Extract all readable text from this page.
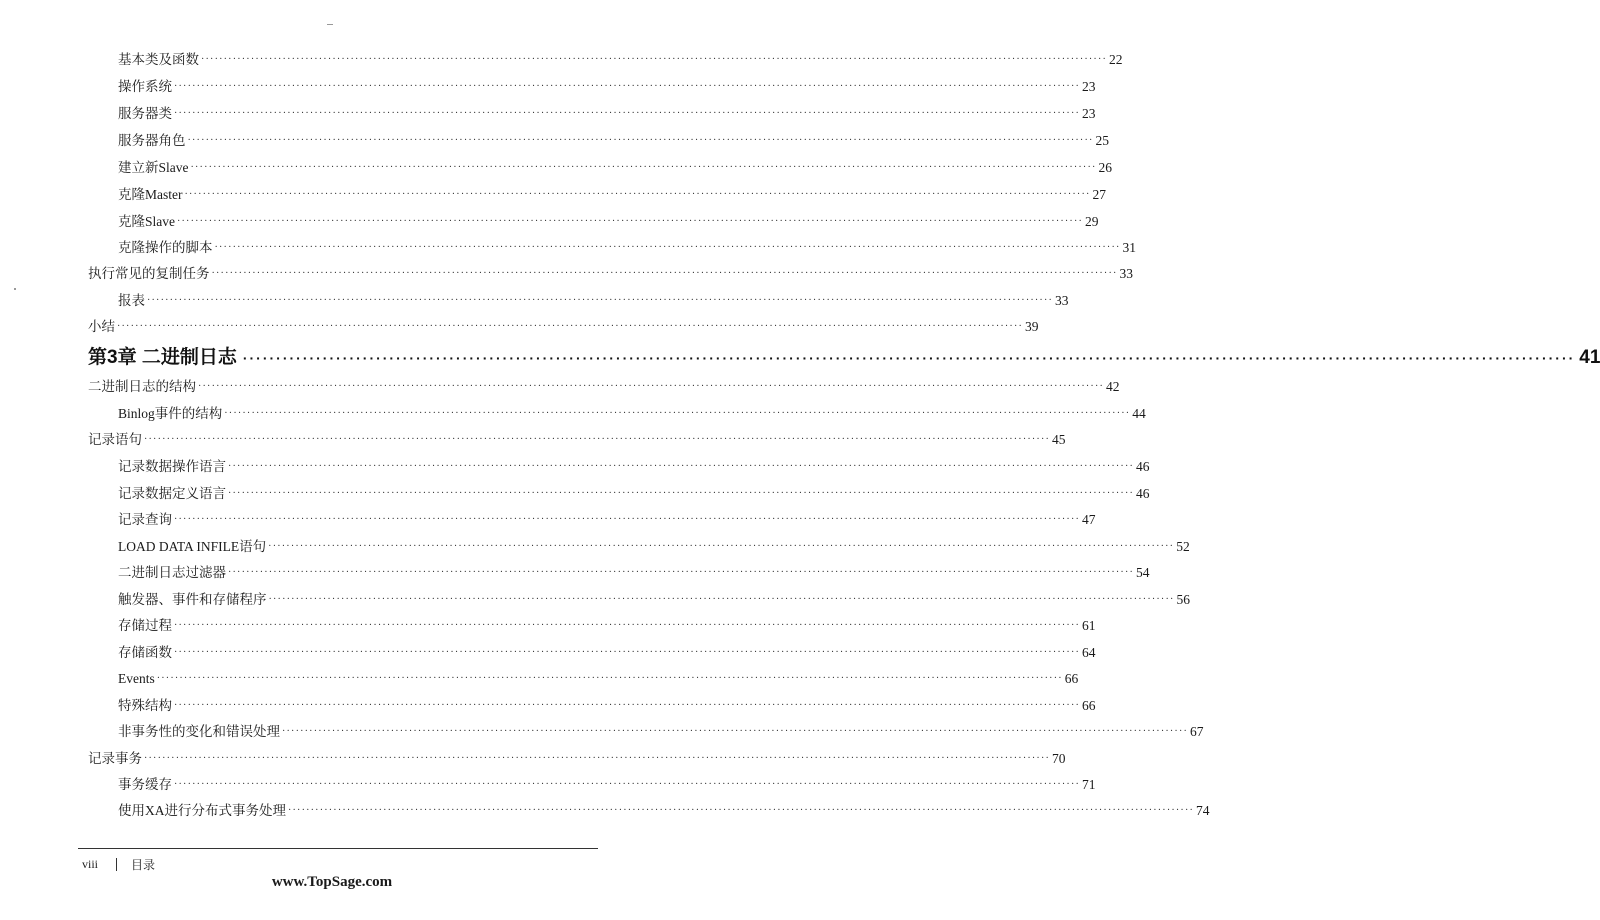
基本类及函数 ········································································································································································································ 22
操作系统 ········································································································································································································ 23
服务器类 ········································································································································································································ 23
服务器角色 ········································································································································································································ 25
建立新Slave ········································································································································································································ 26
克隆Master ········································································································································································································ 27
克隆Slave ········································································································································································································ 29
克隆操作的脚本 ········································································································································································································ 31
执行常见的复制任务 ········································································································································································································ 33
报表 ········································································································································································································ 33
小结 ········································································································································································································ 39
第3章 二进制日志 ········································································································································································································ 41
二进制日志的结构 ········································································································································································································ 42
Binlog事件的结构 ········································································································································································································ 44
记录语句 ········································································································································································································ 45
记录数据操作语言 ········································································································································································································ 46
记录数据定义语言 ········································································································································································································ 46
记录查询 ········································································································································································································ 47
LOAD DATA INFILE语句 ········································································································································································································ 52
二进制日志过滤器 ········································································································································································································ 54
触发器、事件和存储程序 ········································································································································································································ 56
存储过程 ········································································································································································································ 61
存储函数 ········································································································································································································ 64
Events ········································································································································································································ 66
特殊结构 ········································································································································································································ 66
非事务性的变化和错误处理 ········································································································································································································ 67
记录事务 ········································································································································································································ 70
事务缓存 ········································································································································································································ 71
使用XA进行分布式事务处理 ········································································································································································································ 74
viii	目录
www.TopSage.com
